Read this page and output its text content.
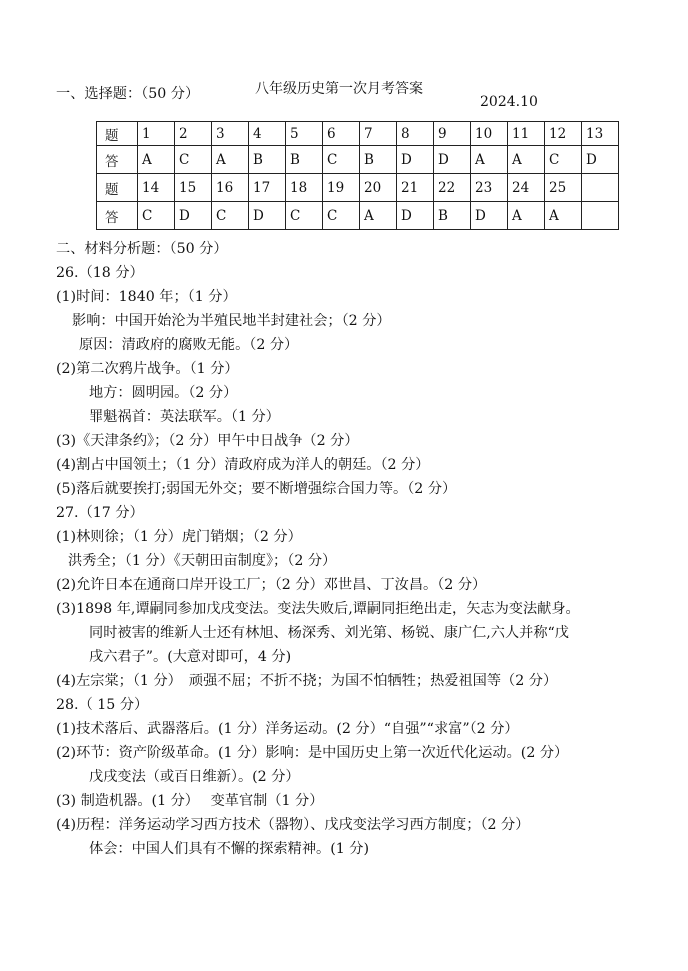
八年级历史第一次月考答案

2024.10

一、选择题：（50 分）
题	1	2	3	4	5	6	7	8	9	10	11	12	13
答	A	C	A	B	B	C	B	D	D	A	A	C	D
题	14	15	16	17	18	19	20	21	22	23	24	25	
答	C	D	C	D	C	C	A	D	B	D	A	A	
二、材料分析题：（50 分）
26.（18 分）
(1)时间：1840 年；（1 分）
影响：中国开始沦为半殖民地半封建社会；（2 分）
原因：清政府的腐败无能。（2 分）
(2)第二次鸦片战争。（1 分）
地方：圆明园。（2 分）
罪魁祸首：英法联军。（1 分）
(3)《天津条约》；（2 分）甲午中日战争（2 分）
(4)割占中国领土；（1 分）清政府成为洋人的朝廷。（2 分）
(5)落后就要挨打;弱国无外交；要不断增强综合国力等。（2 分）
27.（17 分）
(1)林则徐；（1 分）虎门销烟；（2 分）
洪秀全；（1 分）《天朝田亩制度》；（2 分）
(2)允许日本在通商口岸开设工厂；（2 分）邓世昌、丁汝昌。（2 分）
(3)1898 年,谭嗣同参加戊戌变法。变法失败后,谭嗣同拒绝出走，矢志为变法献身。
同时被害的维新人士还有林旭、杨深秀、刘光第、杨锐、康广仁,六人并称“戊
戌六君子”。(大意对即可，4 分)
(4)左宗棠；（1 分）　顽强不屈；不折不挠；为国不怕牺牲；热爱祖国等（2 分）
28.（ 15 分）
(1)技术落后、武器落后。(1 分）洋务运动。(2 分）“自强”“求富”（2 分）
(2)环节：资产阶级革命。(1 分）影响：是中国历史上第一次近代化运动。(2 分）
戊戌变法（或百日维新）。(2 分）
(3) 制造机器。(1 分）　 变革官制（1 分）
(4)历程：洋务运动学习西方技术（器物）、戊戌变法学习西方制度；（2 分）
体会：中国人们具有不懈的探索精神。(1 分)
